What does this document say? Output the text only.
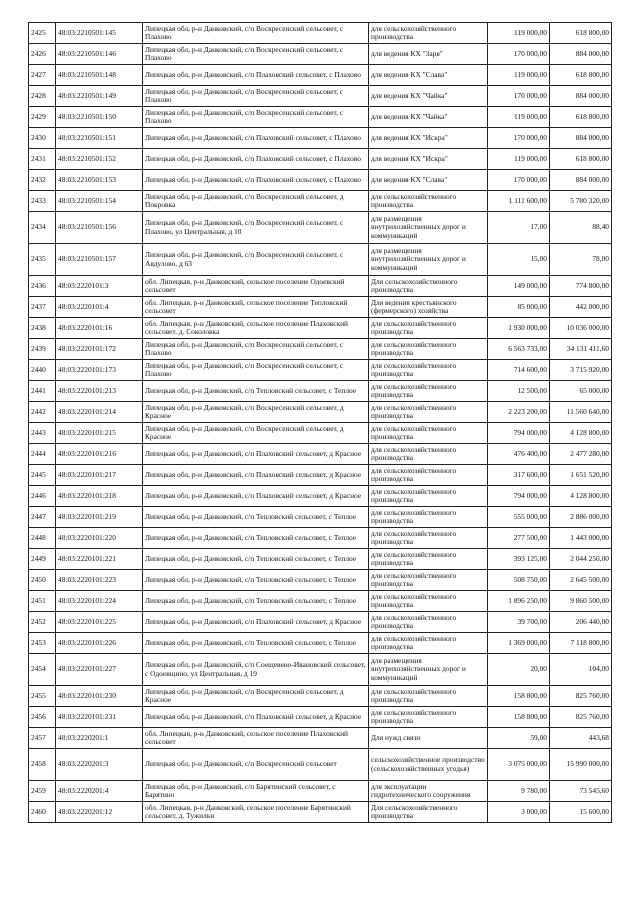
2425	48:03:2210501:145	Липецкая обл, р-н Данковский, с/п Воскресенский сельсовет, с Плахово	для сельскохозяйственного производства	119 000,00	618 800,00
2426	48:03:2210501:146	Липецкая обл, р-н Данковский, с/п Воскресенский сельсовет, с Плахово	для ведения КХ "Заря"	170 000,00	884 000,00
2427	48:03:2210501:148	Липецкая обл, р-н Данковский, с/п Плаховский сельсовет, с Плахово	для ведения КХ "Слава"	119 000,00	618 800,00
2428	48:03:2210501:149	Липецкая обл, р-н Данковский, с/п Воскресенский сельсовет, с Плахово	для ведения КХ "Чайка"	170 000,00	884 000,00
2429	48:03:2210501:150	Липецкая обл, р-н Данковский, с/п Воскресенский сельсовет, с Плахово	для ведения КХ "Чайка"	119 000,00	618 800,00
2430	48:03:2210501:151	Липецкая обл, р-н Данковский, с/п Плаховский сельсовет, с Плахово	для ведения КХ "Искра"	170 000,00	884 000,00
2431	48:03:2210501:152	Липецкая обл, р-н Данковский, с/п Плаховский сельсовет, с Плахово	для ведения КХ "Искра"	119 000,00	618 800,00
2432	48:03:2210501:153	Липецкая обл, р-н Данковский, с/п Плаховский сельсовет, с Плахово	для ведения КХ "Слава"	170 000,00	884 000,00
2433	48:03:2210501:154	Липецкая обл, р-н Данковский, с/п Воскресенский сельсовет, д Покровка	для сельскохозяйственного производства	1 111 600,00	5 780 320,00
2434	48:03:2210501:156	Липецкая обл, р-н Данковский, с/п Воскресенский сельсовет, с Плахово, ул Центральная, д 10	для размещения внутрихозяйственных дорог и коммуникаций	17,00	88,40
2435	48:03:2210501:157	Липецкая обл, р-н Данковский, с/п Воскресенский сельсовет, с Авдулово, д 63	для размещения внутрихозяйственных дорог и коммуникаций	15,00	78,00
2436	48:03:2220101:3	обл. Липецкая, р-н Данковский, сельское поселение Одоевский сельсовет	Для сельскохозяйственного производства	149 000,00	774 800,00
2437	48:03:2220101:4	обл. Липецкая, р-н Данковский, сельское поселение Тепловский сельсовет	Для ведения крестьянского (фермерского) хозяйства	85 000,00	442 000,00
2438	48:03:2220101:16	обл. Липецкая, р-н Данковский, сельское поселение Плаховский сельсовет, д. Соколовка	для сельскохозяйственного производства	1 930 000,00	10 036 000,00
2439	48:03:2220101:172	Липецкая обл, р-н Данковский, с/п Воскресенский сельсовет, с Плахово	для сельскохозяйственного производства	6 563 733,00	34 131 411,60
2440	48:03:2220101:173	Липецкая обл, р-н Данковский, с/п Воскресенский сельсовет, с Плахово	для сельскохозяйственного производства	714 600,00	3 715 920,00
2441	48:03:2220101:213	Липецкая обл, р-н Данковский, с/п Тепловский сельсовет, с Теплое	для сельскохозяйственного производства	12 500,00	65 000,00
2442	48:03:2220101:214	Липецкая обл, р-н Данковский, с/п Воскресенский сельсовет, д Красное	для сельскохозяйственного производства	2 223 200,00	11 560 640,00
2443	48:03:2220101:215	Липецкая обл, р-н Данковский, с/п Воскресенский сельсовет, д Красное	для сельскохозяйственного производства	794 000,00	4 128 800,00
2444	48:03:2220101:216	Липецкая обл, р-н Данковский, с/п Плаховский сельсовет, д Красное	для сельскохозяйственного производства	476 400,00	2 477 280,00
2445	48:03:2220101:217	Липецкая обл, р-н Данковский, с/п Плаховский сельсовет, д Красное	для сельскохозяйственного производства	317 600,00	1 651 520,00
2446	48:03:2220101:218	Липецкая обл, р-н Данковский, с/п Плаховский сельсовет, д Красное	для сельскохозяйственного производства	794 000,00	4 128 800,00
2447	48:03:2220101:219	Липецкая обл, р-н Данковский, с/п Тепловский сельсовет, с Теплое	для сельскохозяйственного производства	555 000,00	2 886 000,00
2448	48:03:2220101:220	Липецкая обл, р-н Данковский, с/п Тепловский сельсовет, с Теплое	для сельскохозяйственного производства	277 500,00	1 443 000,00
2449	48:03:2220101:221	Липецкая обл, р-н Данковский, с/п Тепловский сельсовет, с Теплое	для сельскохозяйственного производства	393 125,00	2 044 250,00
2450	48:03:2220101:223	Липецкая обл, р-н Данковский, с/п Тепловский сельсовет, с Теплое	для сельскохозяйственного производства	508 750,00	2 645 500,00
2451	48:03:2220101:224	Липецкая обл, р-н Данковский, с/п Тепловский сельсовет, с Теплое	для сельскохозяйственного производства	1 896 250,00	9 860 500,00
2452	48:03:2220101:225	Липецкая обл, р-н Данковский, с/п Плаховский сельсовет, д Красное	для сельскохозяйственного производства	39 700,00	206 440,00
2453	48:03:2220101:226	Липецкая обл, р-н Данковский, с/п Тепловский сельсовет, с Теплое	для сельскохозяйственного производства	1 369 000,00	7 118 800,00
2454	48:03:2220101:227	Липецкая обл, р-н Данковский, с/п Соещевено-Ивановский сельсовет, с Одоевщино, ул Центральная, д 19	для размещения внутрихозяйственных дорог и коммуникаций	20,00	104,00
2455	48:03:2220101:230	Липецкая обл, р-н Данковский, с/п Воскресенский сельсовет, д Красное	для сельскохозяйственного производства	158 800,00	825 760,00
2456	48:03:2220101:231	Липецкая обл, р-н Данковский, с/п Плаховский сельсовет, д Красное	для сельскохозяйственного производства	158 800,00	825 760,00
2457	48:03:2220201:1	обл. Липецкая, р-н Данковский, сельское поселение Плаховский сельсовет	Для нужд связи	59,00	443,68
2458	48:03:2220201:3	Липецкая обл, р-н Данковский, с/п Воскресенский сельсовет	сельскохозяйственное производство (сельскохозяйственных угодья)	3 075 000,00	15 990 000,00
2459	48:03:2220201:4	Липецкая обл, р-н Данковский, с/п Барятинский сельсовет, с Барятино	для эксплуатации гидротехнического сооружения	9 780,00	73 545,60
2460	48:03:2220201:12	обл. Липецкая, р-н Данковский, сельское поселение Барятинский сельсовет, д. Тужилки	Для сельскохозяйственного производства	3 000,00	15 600,00
